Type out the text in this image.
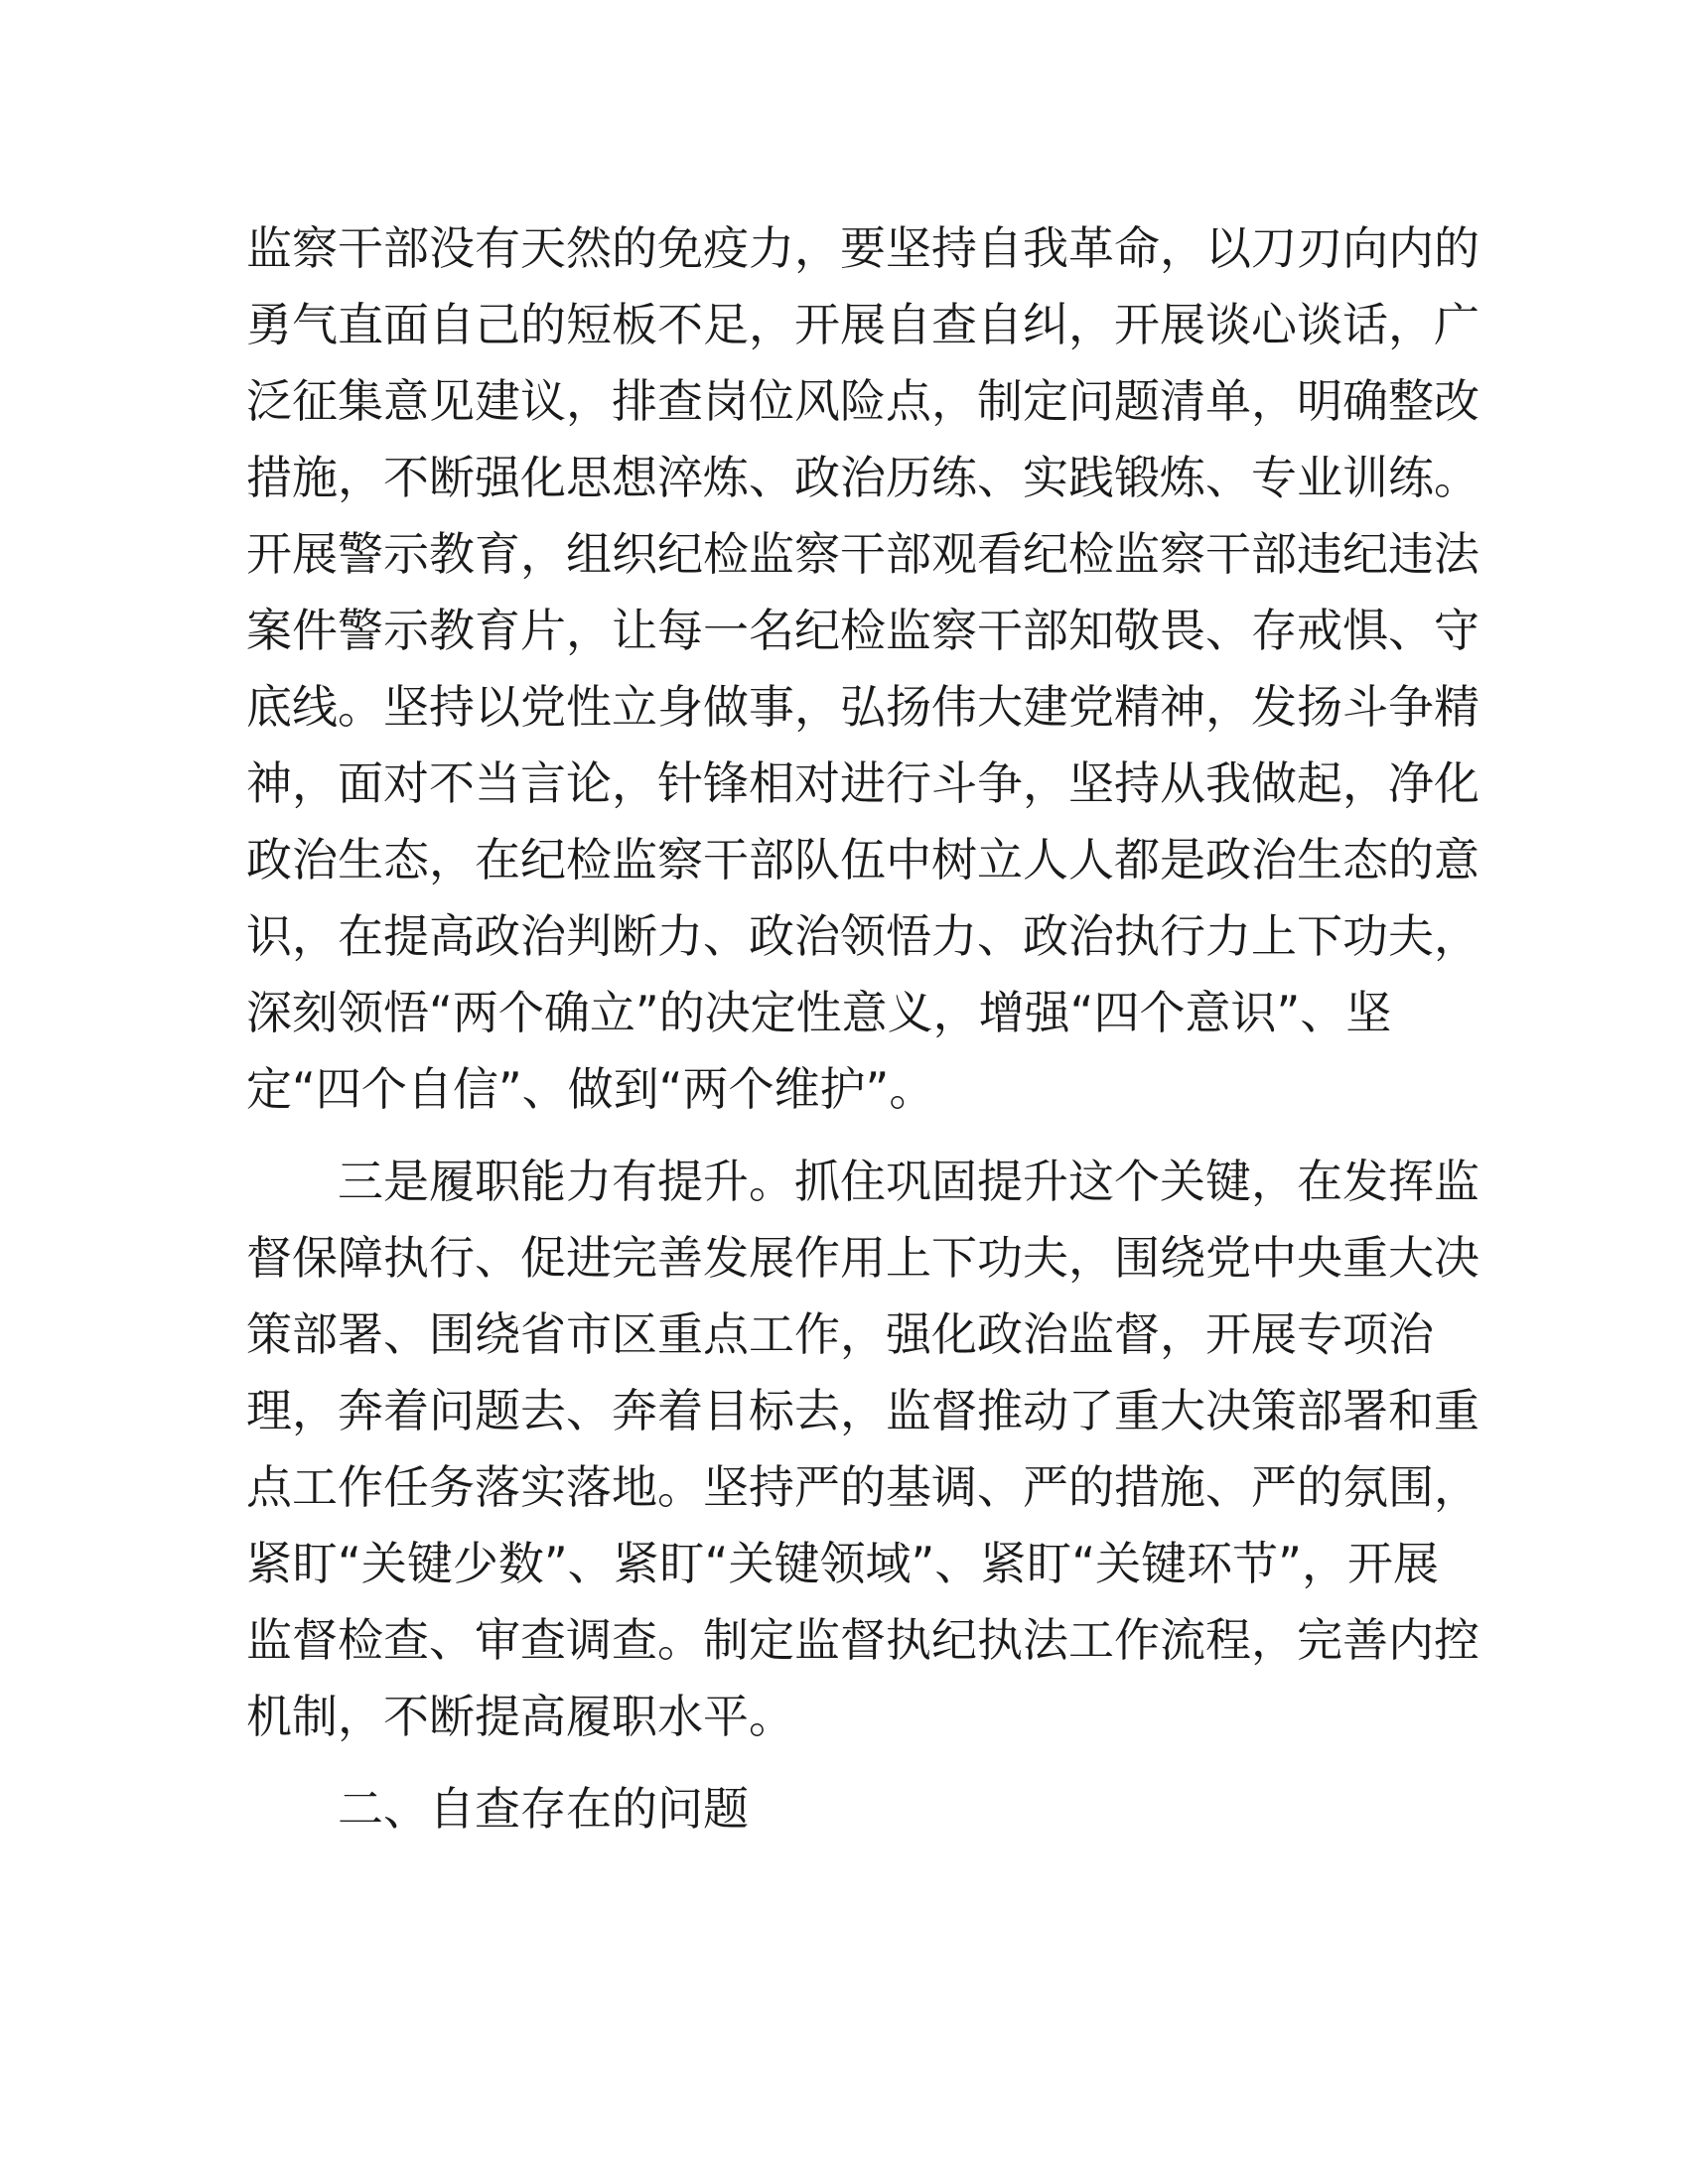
监察干部没有天然的免疫力，要坚持自我革命，以刀刃向内的
勇气直面自己的短板不足，开展自查自纠，开展谈心谈话，广
泛征集意见建议，排查岗位风险点，制定问题清单，明确整改
措施，不断强化思想淬炼、政治历练、实践锻炼、专业训练。
开展警示教育，组织纪检监察干部观看纪检监察干部违纪违法
案件警示教育片，让每一名纪检监察干部知敬畏、存戒惧、守
底线。坚持以党性立身做事，弘扬伟大建党精神，发扬斗争精
神，面对不当言论，针锋相对进行斗争，坚持从我做起，净化
政治生态，在纪检监察干部队伍中树立人人都是政治生态的意
识，在提高政治判断力、政治领悟力、政治执行力上下功夫，
深刻领悟“两个确立”的决定性意义，增强“四个意识”、坚
定“四个自信”、做到“两个维护”。
三是履职能力有提升。抓住巩固提升这个关键，在发挥监
督保障执行、促进完善发展作用上下功夫，围绕党中央重大决
策部署、围绕省市区重点工作，强化政治监督，开展专项治
理，奔着问题去、奔着目标去，监督推动了重大决策部署和重
点工作任务落实落地。坚持严的基调、严的措施、严的氛围，
紧盯“关键少数”、紧盯“关键领域”、紧盯“关键环节”，开展
监督检查、审查调查。制定监督执纪执法工作流程，完善内控
机制，不断提高履职水平。
二、自查存在的问题
